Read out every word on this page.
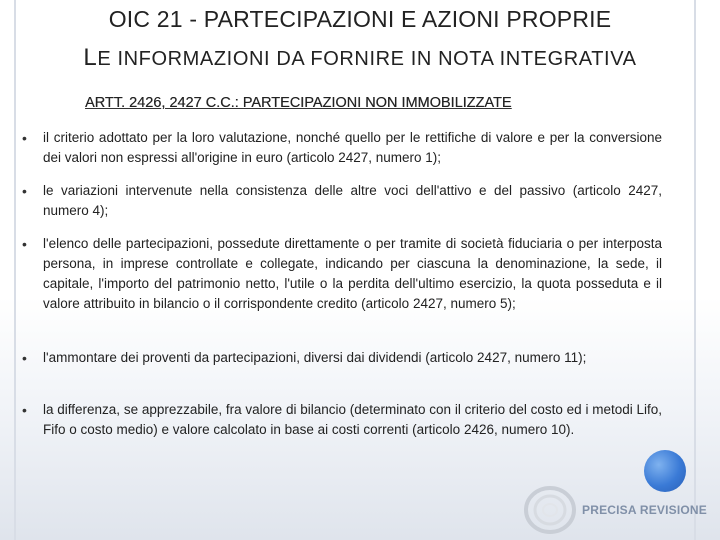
OIC 21 - PARTECIPAZIONI E AZIONI PROPRIE
LE INFORMAZIONI DA FORNIRE IN NOTA INTEGRATIVA
ARTT. 2426, 2427 C.C.: PARTECIPAZIONI NON IMMOBILIZZATE
•	il criterio adottato per la loro valutazione, nonché quello per le rettifiche di valore e per la conversione dei valori non espressi all'origine in euro (articolo 2427, numero 1);
•	le variazioni intervenute nella consistenza delle altre voci dell'attivo e del passivo (articolo 2427, numero 4);
•	l'elenco delle partecipazioni, possedute direttamente o per tramite di società fiduciaria o per interposta persona, in imprese controllate e collegate, indicando per ciascuna la denominazione, la sede, il capitale, l'importo del patrimonio netto, l'utile o la perdita dell'ultimo esercizio, la quota posseduta e il valore attribuito in bilancio o il corrispondente credito (articolo 2427, numero 5);
•	l'ammontare dei proventi da partecipazioni, diversi dai dividendi (articolo 2427, numero 11);
•	la differenza, se apprezzabile, fra valore di bilancio (determinato con il criterio del costo ed i metodi Lifo, Fifo o costo medio) e valore calcolato in base ai costi correnti (articolo 2426, numero 10).
PRECISA REVISIONE
